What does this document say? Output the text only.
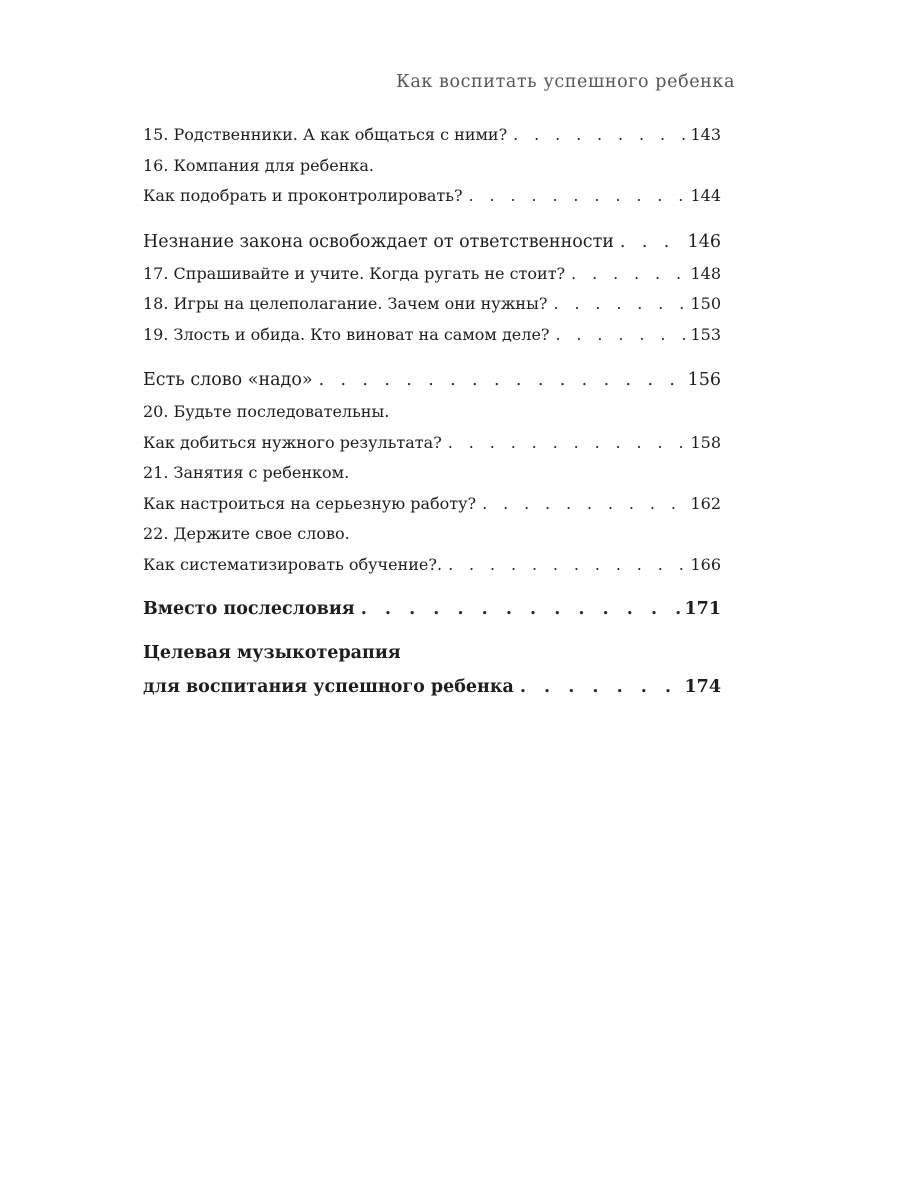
Как воспитать успешного ребенка
15. Родственники. А как общаться с ними? . . .	143
16. Компания для ребенка.
Как подобрать и проконтролировать? . . .	144
Незнание закона освобождает от ответственности . . .	146
17. Спрашивайте и учите. Когда ругать не стоит? . . .	148
18. Игры на целеполагание. Зачем они нужны? . . .	150
19. Злость и обида. Кто виноват на самом деле? . . .	153
Есть слово «надо» . . .	156
20. Будьте последовательны.
Как добиться нужного результата? . . .	158
21. Занятия с ребенком.
Как настроиться на серьезную работу? . . .	162
22. Держите свое слово.
Как систематизировать обучение?. . . .	166
Вместо послесловия . . .	171
Целевая музыкотерапия
для воспитания успешного ребенка . . .	174
